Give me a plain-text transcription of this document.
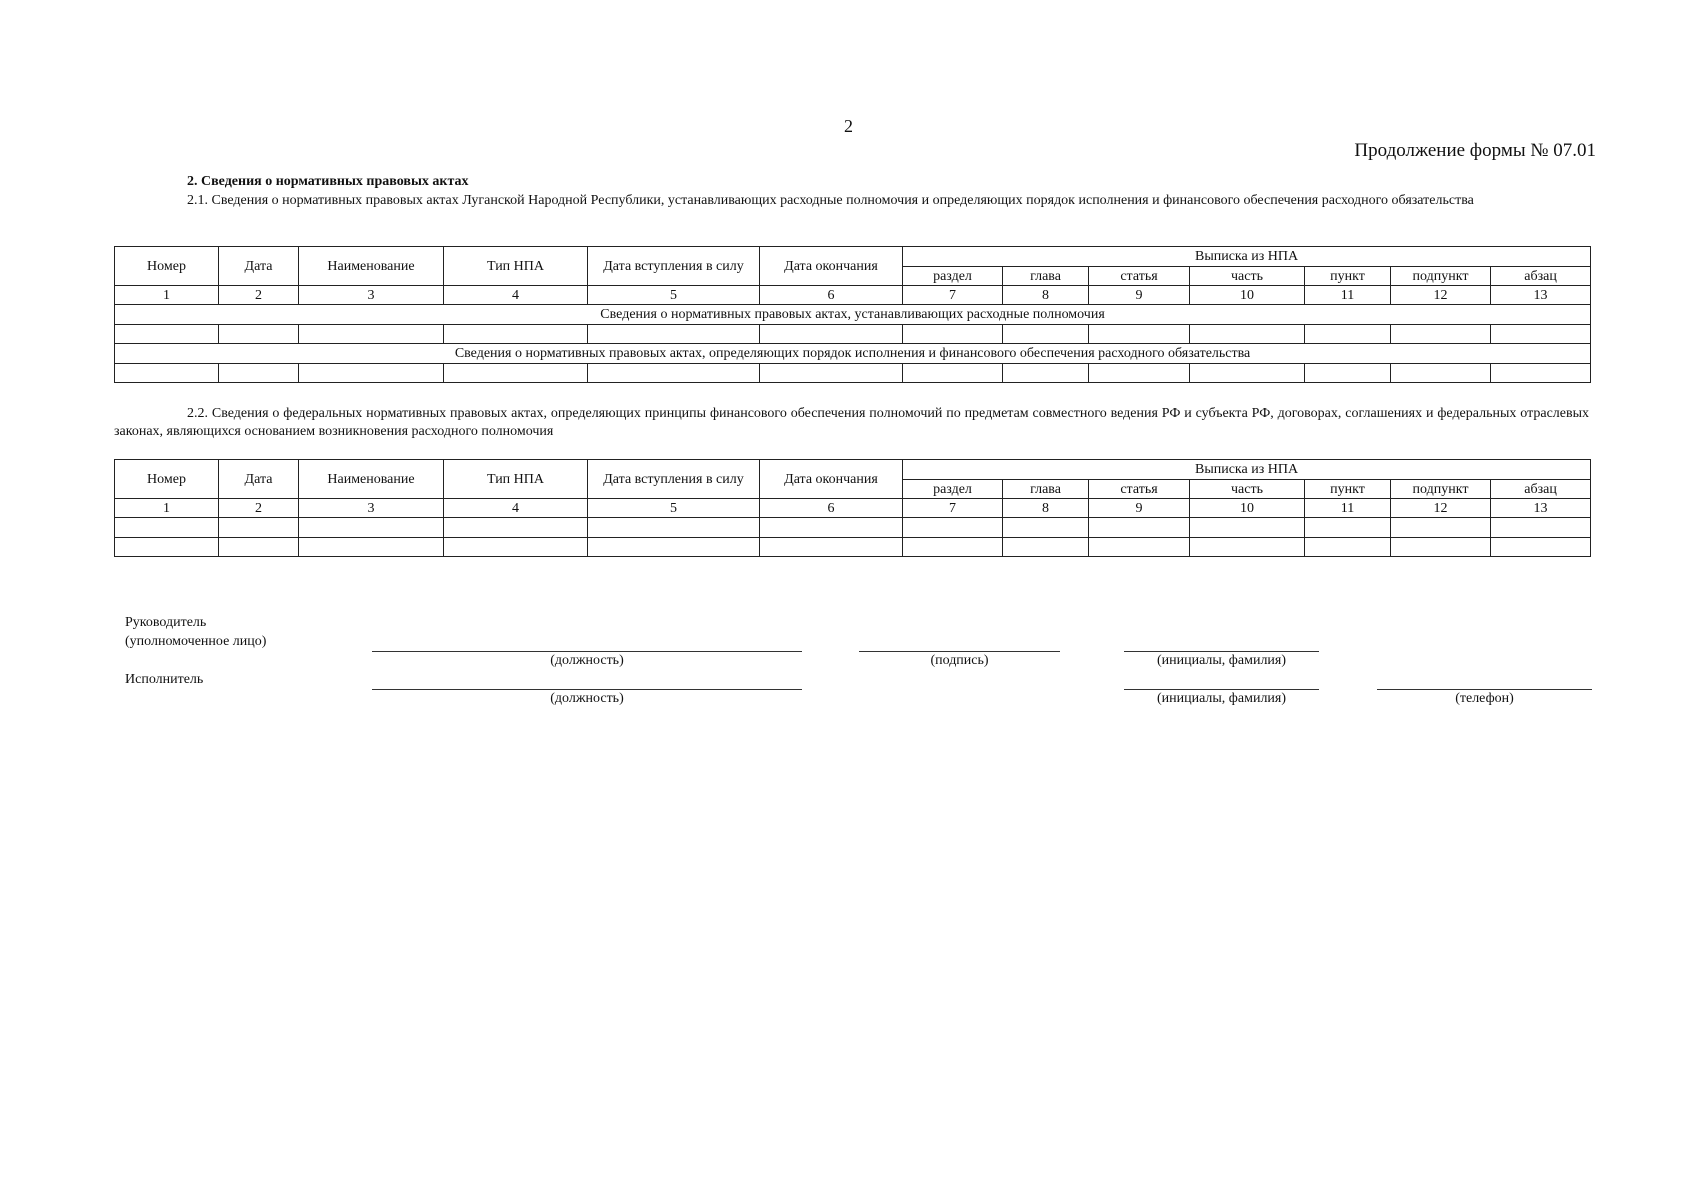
2
Продолжение формы № 07.01
2. Сведения о нормативных правовых актах
2.1. Сведения о нормативных правовых актах Луганской Народной Республики, устанавливающих расходные полномочия и определяющих порядок исполнения и финансового обеспечения расходного обязательства
Номер	Дата	Наименование	Тип НПА	Дата вступления в силу	Дата окончания	Выписка из НПА						
						раздел	глава	статья	часть	пункт	подпункт	абзац
1	2	3	4	5	6	7	8	9	10	11	12	13
Сведения о нормативных правовых актах, устанавливающих расходные полномочия												

Сведения о нормативных правовых актах, определяющих порядок исполнения и финансового обеспечения расходного обязательства												

2.2. Сведения о федеральных нормативных правовых актах, определяющих принципы финансового обеспечения полномочий по предметам совместного ведения РФ и субъекта РФ, договорах, соглашениях и федеральных отраслевых законах, являющихся основанием возникновения расходного полномочия
Номер	Дата	Наименование	Тип НПА	Дата вступления в силу	Дата окончания	Выписка из НПА						
						раздел	глава	статья	часть	пункт	подпункт	абзац
1	2	3	4	5	6	7	8	9	10	11	12	13

Руководитель
(уполномоченное лицо)
(должность)	(подпись)	(инициалы, фамилия)
Исполнитель
(должность)	(инициалы, фамилия)	(телефон)
